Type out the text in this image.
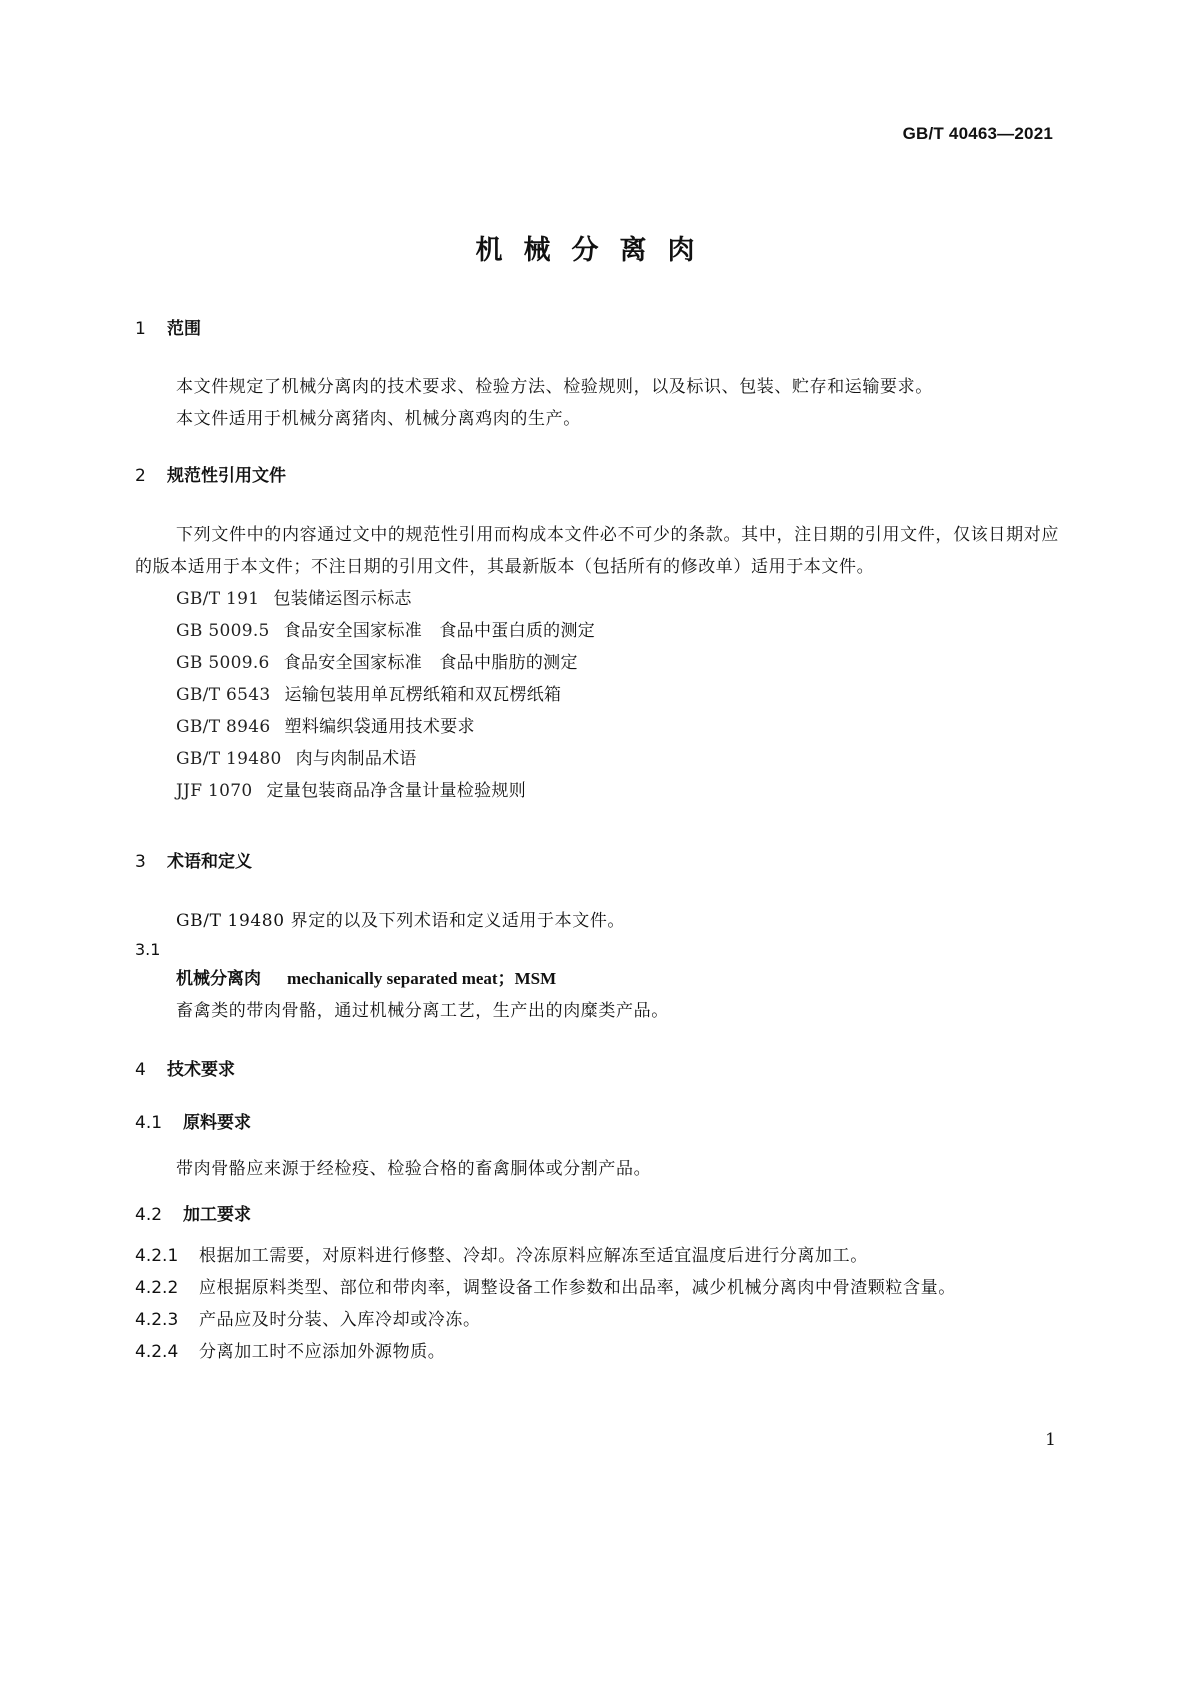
GB/T 40463—2021
机械分离肉
1 范围

本文件规定了机械分离肉的技术要求、检验方法、检验规则，以及标识、包装、贮存和运输要求。

本文件适用于机械分离猪肉、机械分离鸡肉的生产。

2 规范性引用文件

下列文件中的内容通过文中的规范性引用而构成本文件必不可少的条款。其中，注日期的引用文件，仅该日期对应的版本适用于本文件；不注日期的引用文件，其最新版本（包括所有的修改单）适用于本文件。

GB/T 191 包装储运图示标志
GB 5009.5 食品安全国家标准　食品中蛋白质的测定
GB 5009.6 食品安全国家标准　食品中脂肪的测定
GB/T 6543 运输包装用单瓦楞纸箱和双瓦楞纸箱
GB/T 8946 塑料编织袋通用技术要求
GB/T 19480 肉与肉制品术语
JJF 1070 定量包装商品净含量计量检验规则
3 术语和定义

GB/T 19480 界定的以及下列术语和定义适用于本文件。

3.1
机械分离肉 mechanically separated meat；MSM

畜禽类的带肉骨骼，通过机械分离工艺，生产出的肉糜类产品。

4 技术要求
4.1 原料要求

带肉骨骼应来源于经检疫、检验合格的畜禽胴体或分割产品。

4.2 加工要求

4.2.1 根据加工需要，对原料进行修整、冷却。冷冻原料应解冻至适宜温度后进行分离加工。

4.2.2 应根据原料类型、部位和带肉率，调整设备工作参数和出品率，减少机械分离肉中骨渣颗粒含量。

4.2.3 产品应及时分装、入库冷却或冷冻。

4.2.4 分离加工时不应添加外源物质。

1
